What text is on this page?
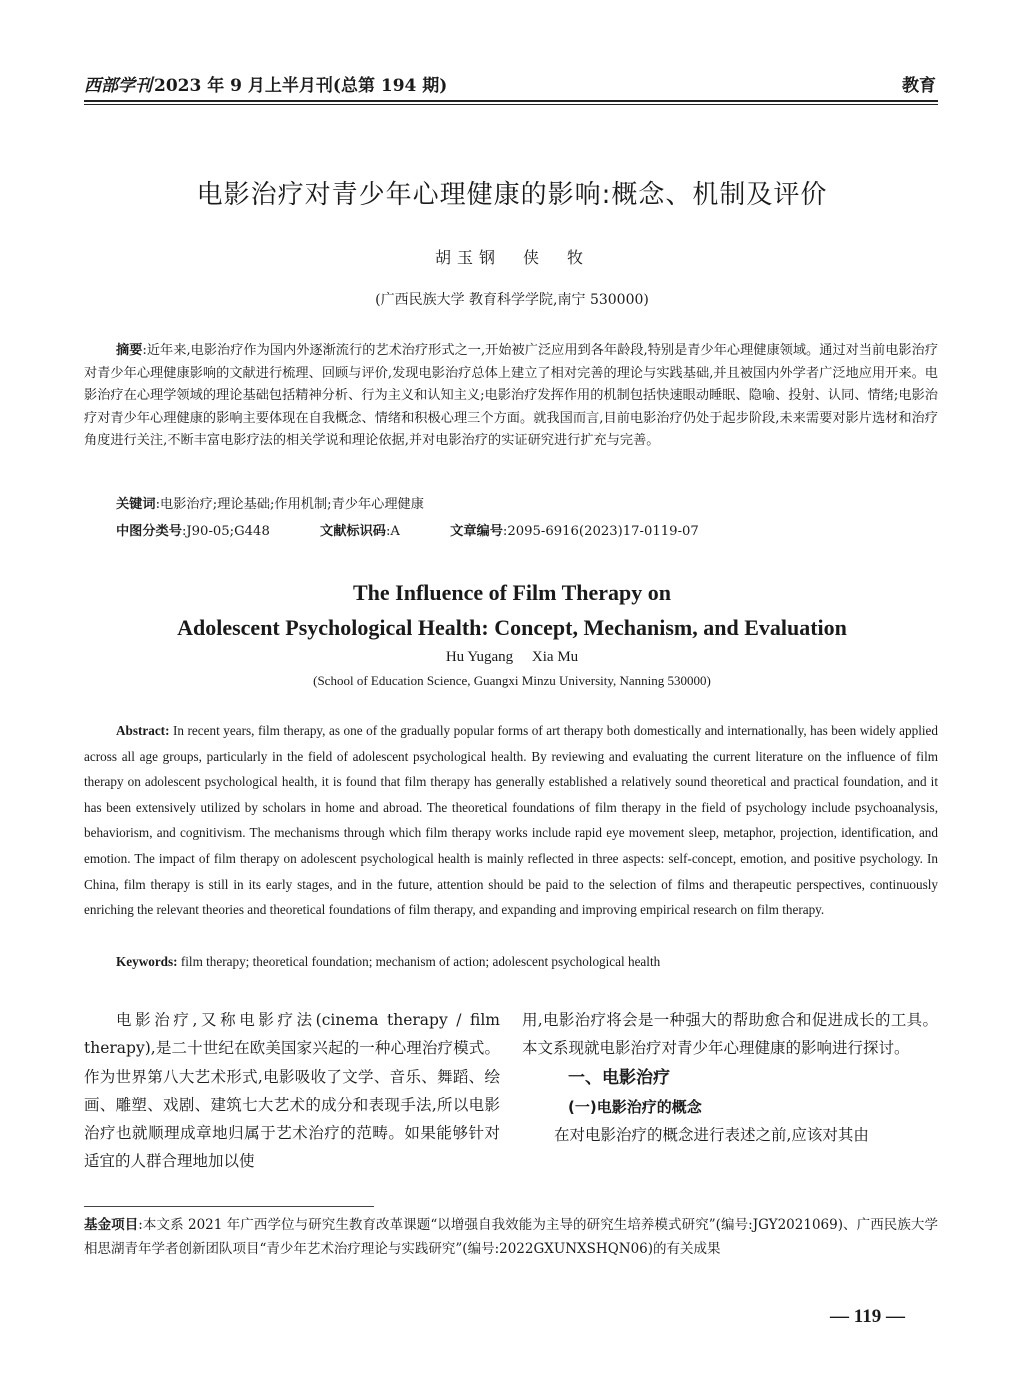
西部学刊 2023 年 9 月上半月刊(总第 194 期)	教育
电影治疗对青少年心理健康的影响:概念、机制及评价
胡玉钢　侠　牧
(广西民族大学 教育科学学院,南宁 530000)
摘要:近年来,电影治疗作为国内外逐渐流行的艺术治疗形式之一,开始被广泛应用到各年龄段,特别是青少年心理健康领域。通过对当前电影治疗对青少年心理健康影响的文献进行梳理、回顾与评价,发现电影治疗总体上建立了相对完善的理论与实践基础,并且被国内外学者广泛地应用开来。电影治疗在心理学领域的理论基础包括精神分析、行为主义和认知主义;电影治疗发挥作用的机制包括快速眼动睡眠、隐喻、投射、认同、情绪;电影治疗对青少年心理健康的影响主要体现在自我概念、情绪和积极心理三个方面。就我国而言,目前电影治疗仍处于起步阶段,未来需要对影片选材和治疗角度进行关注,不断丰富电影疗法的相关学说和理论依据,并对电影治疗的实证研究进行扩充与完善。
关键词:电影治疗;理论基础;作用机制;青少年心理健康
中图分类号:J90-05;G448	文献标识码:A	文章编号:2095-6916(2023)17-0119-07
The Influence of Film Therapy on
Adolescent Psychological Health: Concept, Mechanism, and Evaluation
Hu Yugang　 Xia Mu
(School of Education Science, Guangxi Minzu University, Nanning 530000)
Abstract: In recent years, film therapy, as one of the gradually popular forms of art therapy both domestically and internationally, has been widely applied across all age groups, particularly in the field of adolescent psychological health. By reviewing and evaluating the current literature on the influence of film therapy on adolescent psychological health, it is found that film therapy has generally established a relatively sound theoretical and practical foundation, and it has been extensively utilized by scholars in home and abroad. The theoretical foundations of film therapy in the field of psychology include psychoanalysis, behaviorism, and cognitivism. The mechanisms through which film therapy works include rapid eye movement sleep, metaphor, projection, identification, and emotion. The impact of film therapy on adolescent psychological health is mainly reflected in three aspects: self-concept, emotion, and positive psychology. In China, film therapy is still in its early stages, and in the future, attention should be paid to the selection of films and therapeutic perspectives, continuously enriching the relevant theories and theoretical foundations of film therapy, and expanding and improving empirical research on film therapy.
Keywords: film therapy; theoretical foundation; mechanism of action; adolescent psychological health

电影治疗,又称电影疗法(cinema therapy / film therapy),是二十世纪在欧美国家兴起的一种心理治疗模式。作为世界第八大艺术形式,电影吸收了文学、音乐、舞蹈、绘画、雕塑、戏剧、建筑七大艺术的成分和表现手法,所以电影治疗也就顺理成章地归属于艺术治疗的范畴。如果能够针对适宜的人群合理地加以使

用,电影治疗将会是一种强大的帮助愈合和促进成长的工具。本文系现就电影治疗对青少年心理健康的影响进行探讨。

一、电影治疗
(一)电影治疗的概念

在对电影治疗的概念进行表述之前,应该对其由

基金项目:本文系 2021 年广西学位与研究生教育改革课题“以增强自我效能为主导的研究生培养模式研究”(编号:JGY2021069)、广西民族大学相思湖青年学者创新团队项目“青少年艺术治疗理论与实践研究”(编号:2022GXUNXSHQN06)的有关成果
— 119 —
